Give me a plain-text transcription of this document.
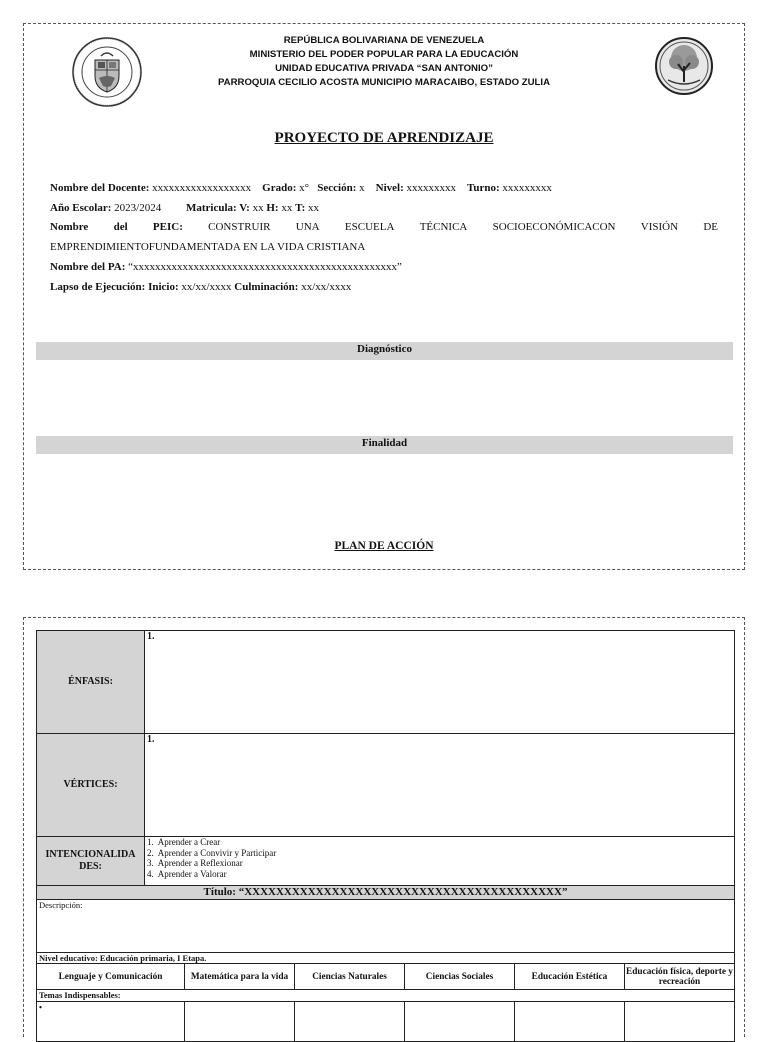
REPÚBLICA BOLIVARIANA DE VENEZUELA
MINISTERIO DEL PODER POPULAR PARA LA EDUCACIÓN
UNIDAD EDUCATIVA PRIVADA “SAN ANTONIO”
PARROQUIA CECILIO ACOSTA MUNICIPIO MARACAIBO, ESTADO ZULIA
PROYECTO DE APRENDIZAJE
Nombre del Docente: xxxxxxxxxxxxxxxxxx Grado: x° Sección: x Nivel: xxxxxxxxx Turno: xxxxxxxxx
Año Escolar: 2023/2024 Matricula: V: xx H: xx T: xx
Nombre del PEIC: CONSTRUIR UNA ESCUELA TÉCNICA SOCIOECONÓMICACON VISIÓN DE
EMPRENDIMIENTOFUNDAMENTADA EN LA VIDA CRISTIANA
Nombre del PA: “xxxxxxxxxxxxxxxxxxxxxxxxxxxxxxxxxxxxxxxxxxxxxxxx”
Lapso de Ejecución: Inicio: xx/xx/xxxx Culminación: xx/xx/xxxx
Diagnóstico
Finalidad
PLAN DE ACCIÓN
ÉNFASIS:	1.					
VÉRTICES:	1.					
INTENCIONALIDA DES:	1. Aprender a Crear
2. Aprender a Convivir y Participar
3. Aprender a Reflexionar
4. Aprender a Valorar					

Título: “XXXXXXXXXXXXXXXXXXXXXXXXXXXXXXXXXXXXXXXX”						
Descripción:						
Nivel educativo: Educación primaria, I Etapa.						
Lenguaje y Comunicación		Matemática para la vida	Ciencias Naturales	Ciencias Sociales	Educación Estética	Educación física, deporte y recreación
Temas Indispensables:						
•						
